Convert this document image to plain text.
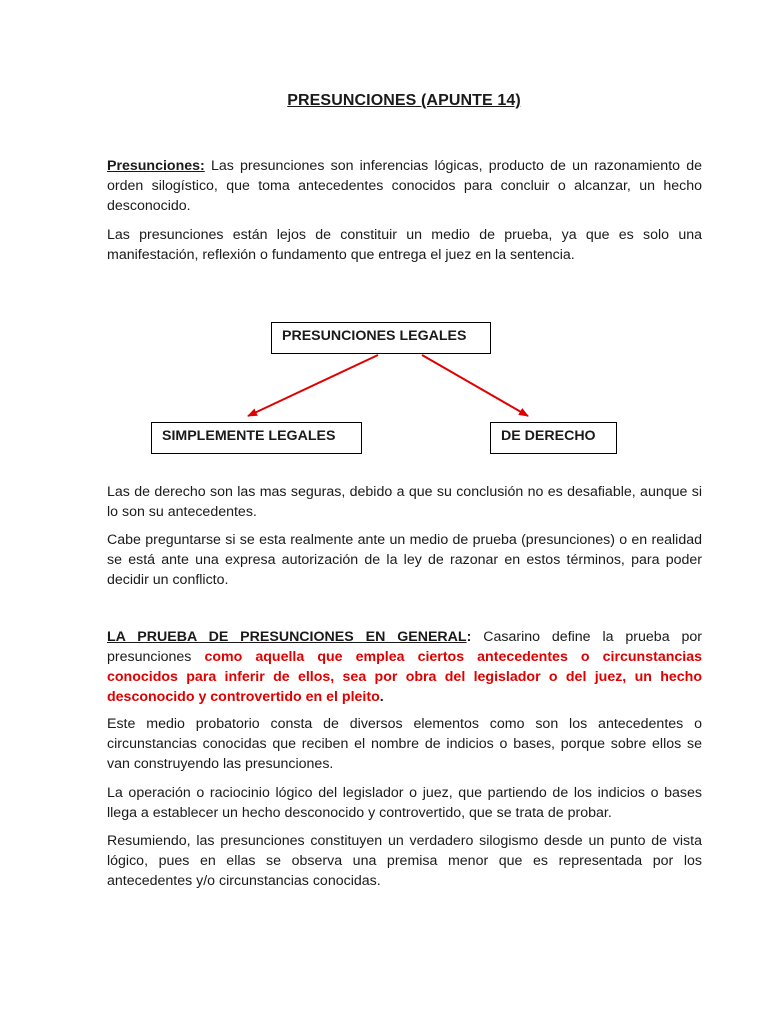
PRESUNCIONES (APUNTE 14)
Presunciones: Las presunciones son inferencias lógicas, producto de un razonamiento de orden silogístico, que toma antecedentes conocidos para concluir o alcanzar, un hecho desconocido.
Las presunciones están lejos de constituir un medio de prueba, ya que es solo una manifestación, reflexión o fundamento que entrega el juez en la sentencia.
PRESUNCIONES LEGALES
SIMPLEMENTE LEGALES	DE DERECHO
Las de derecho son las mas seguras, debido a que su conclusión no es desafiable, aunque si lo son su antecedentes.
Cabe preguntarse si se esta realmente ante un medio de prueba (presunciones) o en realidad se está ante una expresa autorización de la ley de razonar en estos términos, para poder decidir un conflicto.
LA PRUEBA DE PRESUNCIONES EN GENERAL: Casarino define la prueba por presunciones como aquella que emplea ciertos antecedentes o circunstancias conocidos para inferir de ellos, sea por obra del legislador o del juez, un hecho desconocido y controvertido en el pleito.
Este medio probatorio consta de diversos elementos como son los antecedentes o circunstancias conocidas que reciben el nombre de indicios o bases, porque sobre ellos se van construyendo las presunciones.
La operación o raciocinio lógico del legislador o juez, que partiendo de los indicios o bases llega a establecer un hecho desconocido y controvertido, que se trata de probar.
Resumiendo, las presunciones constituyen un verdadero silogismo desde un punto de vista lógico, pues en ellas se observa una premisa menor que es representada por los antecedentes y/o circunstancias conocidas.
